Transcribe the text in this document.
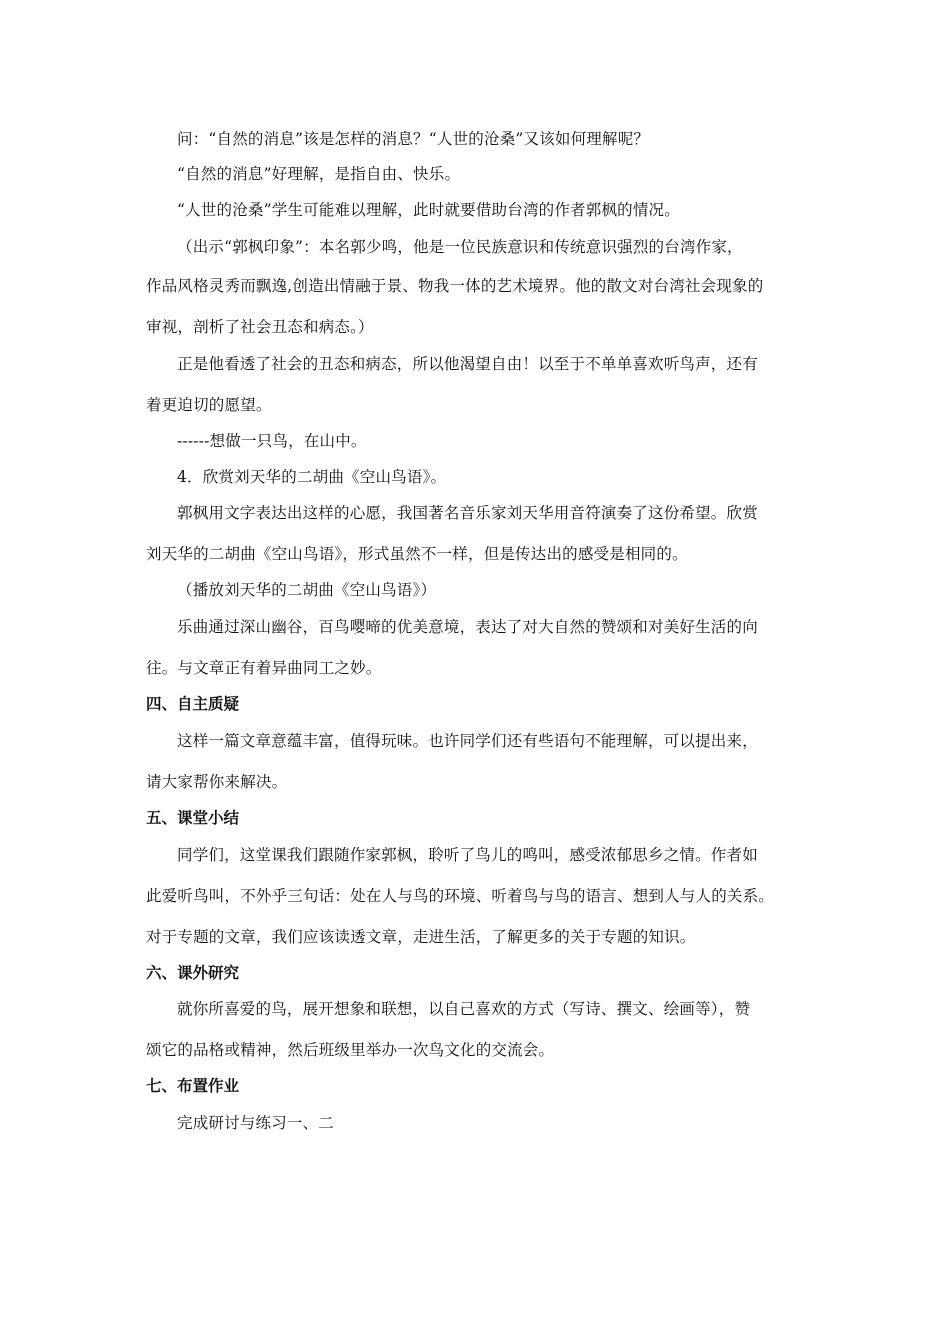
问：“自然的消息”该是怎样的消息？“人世的沧桑”又该如何理解呢？
“自然的消息”好理解，是指自由、快乐。
“人世的沧桑”学生可能难以理解，此时就要借助台湾的作者郭枫的情况。
（出示“郭枫印象”：本名郭少鸣，他是一位民族意识和传统意识强烈的台湾作家，
作品风格灵秀而飘逸,创造出情融于景、物我一体的艺术境界。他的散文对台湾社会现象的
审视，剖析了社会丑态和病态。）
正是他看透了社会的丑态和病态，所以他渴望自由！以至于不单单喜欢听鸟声，还有
着更迫切的愿望。
------想做一只鸟，在山中。
4．欣赏刘天华的二胡曲《空山鸟语》。
郭枫用文字表达出这样的心愿，我国著名音乐家刘天华用音符演奏了这份希望。欣赏
刘天华的二胡曲《空山鸟语》，形式虽然不一样，但是传达出的感受是相同的。
（播放刘天华的二胡曲《空山鸟语》）
乐曲通过深山幽谷，百鸟嘤啼的优美意境，表达了对大自然的赞颂和对美好生活的向
往。与文章正有着异曲同工之妙。
四、自主质疑
这样一篇文章意蕴丰富，值得玩味。也许同学们还有些语句不能理解，可以提出来，
请大家帮你来解决。
五、课堂小结
同学们，这堂课我们跟随作家郭枫，聆听了鸟儿的鸣叫，感受浓郁思乡之情。作者如
此爱听鸟叫，不外乎三句话：处在人与鸟的环境、听着鸟与鸟的语言、想到人与人的关系。
对于专题的文章，我们应该读透文章，走进生活，了解更多的关于专题的知识。
六、课外研究
就你所喜爱的鸟，展开想象和联想，以自己喜欢的方式（写诗、撰文、绘画等），赞
颂它的品格或精神，然后班级里举办一次鸟文化的交流会。
七、布置作业
完成研讨与练习一、二
